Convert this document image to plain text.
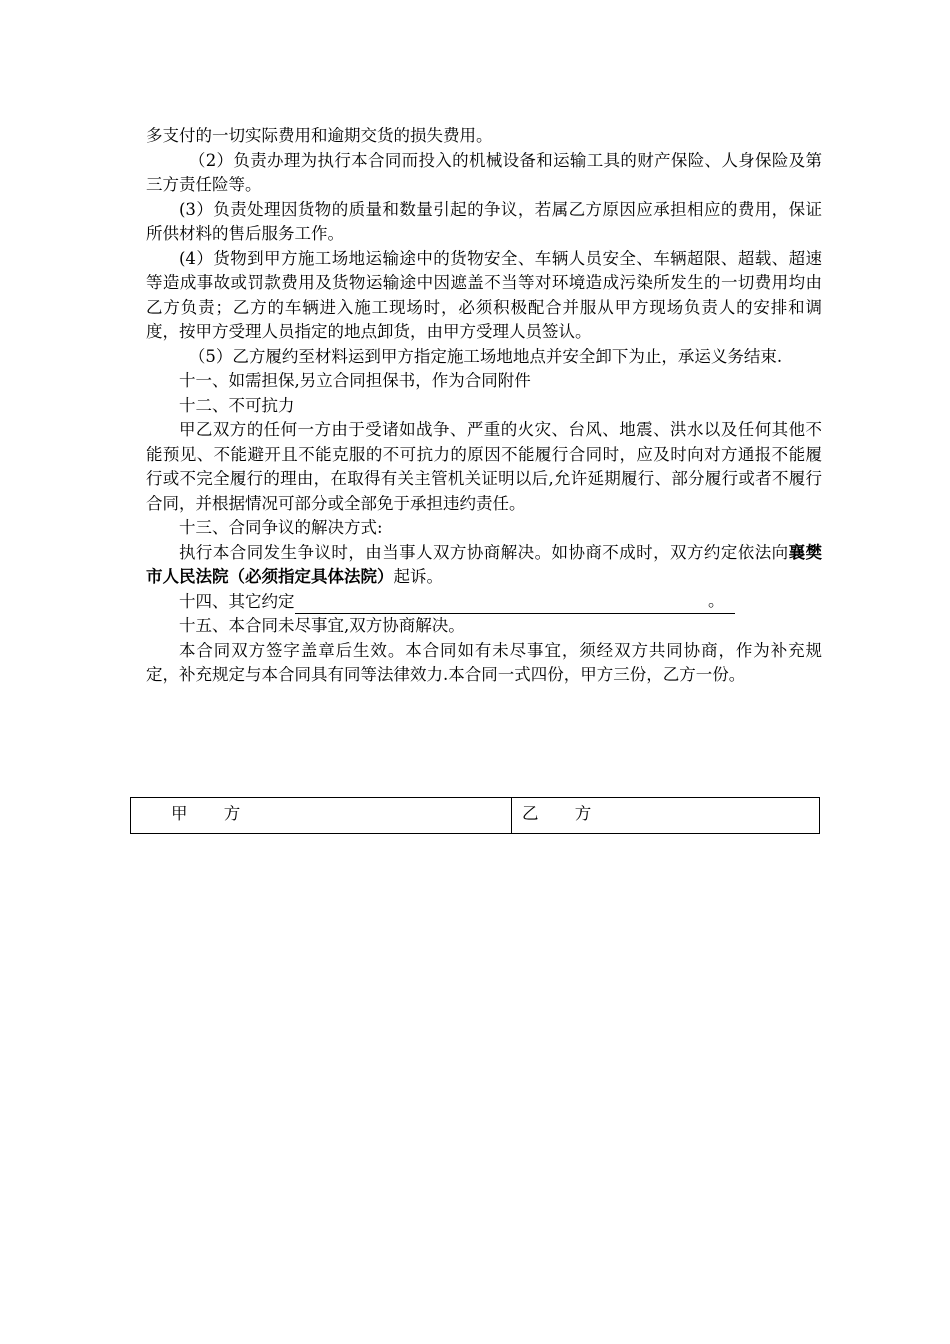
多支付的一切实际费用和逾期交货的损失费用。

（2）负责办理为执行本合同而投入的机械设备和运输工具的财产保险、人身保险及第三方责任险等。

(3）负责处理因货物的质量和数量引起的争议，若属乙方原因应承担相应的费用，保证所供材料的售后服务工作。

(4）货物到甲方施工场地运输途中的货物安全、车辆人员安全、车辆超限、超载、超速等造成事故或罚款费用及货物运输途中因遮盖不当等对环境造成污染所发生的一切费用均由乙方负责；乙方的车辆进入施工现场时，必须积极配合并服从甲方现场负责人的安排和调度，按甲方受理人员指定的地点卸货，由甲方受理人员签认。

（5）乙方履约至材料运到甲方指定施工场地地点并安全卸下为止，承运义务结束.

十一、如需担保,另立合同担保书，作为合同附件

十二、不可抗力

甲乙双方的任何一方由于受诸如战争、严重的火灾、台风、地震、洪水以及任何其他不能预见、不能避开且不能克服的不可抗力的原因不能履行合同时，应及时向对方通报不能履行或不完全履行的理由，在取得有关主管机关证明以后,允许延期履行、部分履行或者不履行合同，并根据情况可部分或全部免于承担违约责任。

十三、合同争议的解决方式:

执行本合同发生争议时，由当事人双方协商解决。如协商不成时，双方约定依法向襄樊市人民法院（必须指定具体法院）起诉。

十四、其它约定	。

十五、本合同未尽事宜,双方协商解决。

本合同双方签字盖章后生效。本合同如有未尽事宜，须经双方共同协商，作为补充规定，补充规定与本合同具有同等法律效力.本合同一式四份，甲方三份，乙方一份。

甲方	乙方
